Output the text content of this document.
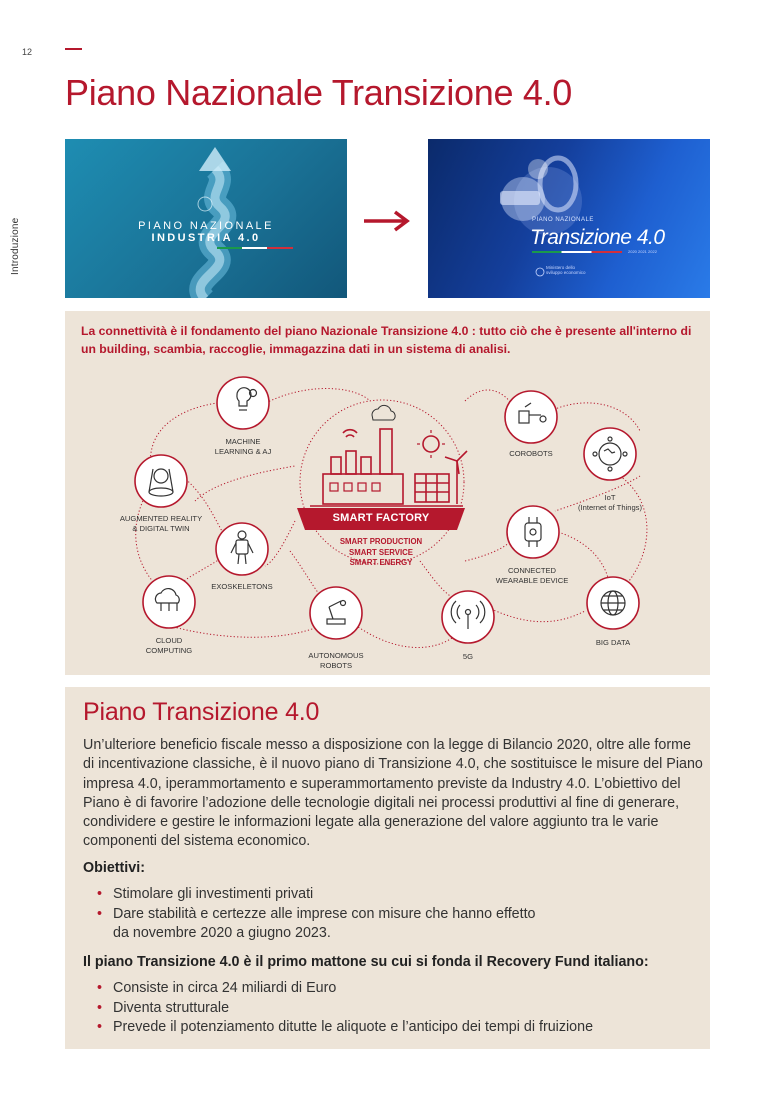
12
Introduzione
Piano Nazionale Transizione 4.0
PIANO NAZIONALE
INDUSTRIA 4.0
PIANO NAZIONALE
Transizione 4.0
2020 2021 2022
Ministero dello sviluppo economico
La connettività è il fondamento del piano Nazionale Transizione 4.0 : tutto ciò che è presente all'interno di un building, scambia, raccoglie, immagazzina dati in un sistema di analisi.
SMART FACTORY
SMART PRODUCTION
SMART SERVICE
SMART ENERGY
MACHINE
LEARNING & AJ	COROBOTS
IoT
(Internet of Things)
AUGMENTED REALITY
& DIGITAL TWIN
EXOSKELETONS
CONNECTED
WEARABLE DEVICE
CLOUD
COMPUTING
AUTONOMOUS
ROBOTS
5G
BIG DATA
Piano Transizione 4.0

Un’ulteriore beneficio fiscale messo a disposizione con la legge di Bilancio 2020, oltre alle forme di incentivazione classiche, è il nuovo piano di Transizione 4.0, che sostituisce le misure del Piano impresa 4.0, iperammortamento e superammortamento previste da Industry 4.0. L’obiettivo del Piano è di favorire l’adozione delle tecnologie digitali nei processi produttivi al fine di generare, condividere e gestire le informazioni legate alla generazione del valore aggiunto tra le varie componenti del sistema economico.

Obiettivi:
• Stimolare gli investimenti privati
• Dare stabilità e certezze alle imprese con misure che hanno effetto da novembre 2020 a giugno 2023.
Il piano Transizione 4.0 è il primo mattone su cui si fonda il Recovery Fund italiano:
• Consiste in circa 24 miliardi di Euro
• Diventa strutturale
• Prevede il potenziamento ditutte le aliquote e l’anticipo dei tempi di fruizione
